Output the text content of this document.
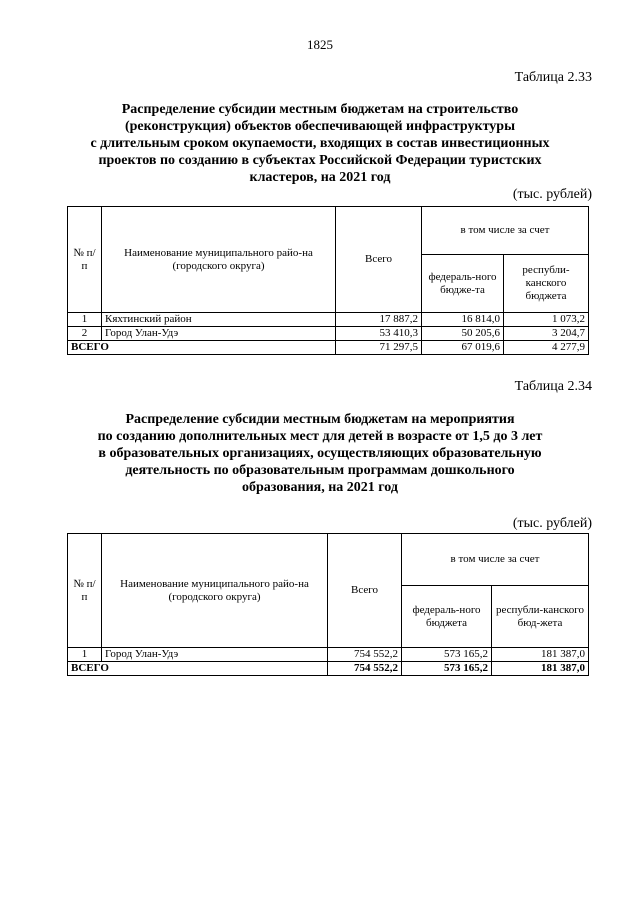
1825
Таблица 2.33
Распределение субсидии местным бюджетам на строительство
(реконструкция) объектов обеспечивающей инфраструктуры
с длительным сроком окупаемости, входящих в состав инвестиционных
проектов по созданию в субъектах Российской Федерации туристских
кластеров, на 2021 год
(тыс. рублей)
№ п/п	Наименование муниципального райо-на (городского округа)	Всего	в том числе за счет	
			федераль-ного бюдже-та	республи-канского бюджета
1	Кяхтинский район	17 887,2	16 814,0	1 073,2
2	Город Улан-Удэ	53 410,3	50 205,6	3 204,7
ВСЕГО		71 297,5	67 019,6	4 277,9
Таблица 2.34
Распределение субсидии местным бюджетам на мероприятия
по созданию дополнительных мест для детей в возрасте от 1,5 до 3 лет
в образовательных организациях, осуществляющих образовательную
деятельность по образовательным программам дошкольного
образования, на 2021 год
(тыс. рублей)
№ п/п	Наименование муниципального райо-на (городского округа)	Всего	в том числе за счет	
			федераль-ного бюджета	республи-канского бюд-жета
1	Город Улан-Удэ	754 552,2	573 165,2	181 387,0
ВСЕГО		754 552,2	573 165,2	181 387,0
